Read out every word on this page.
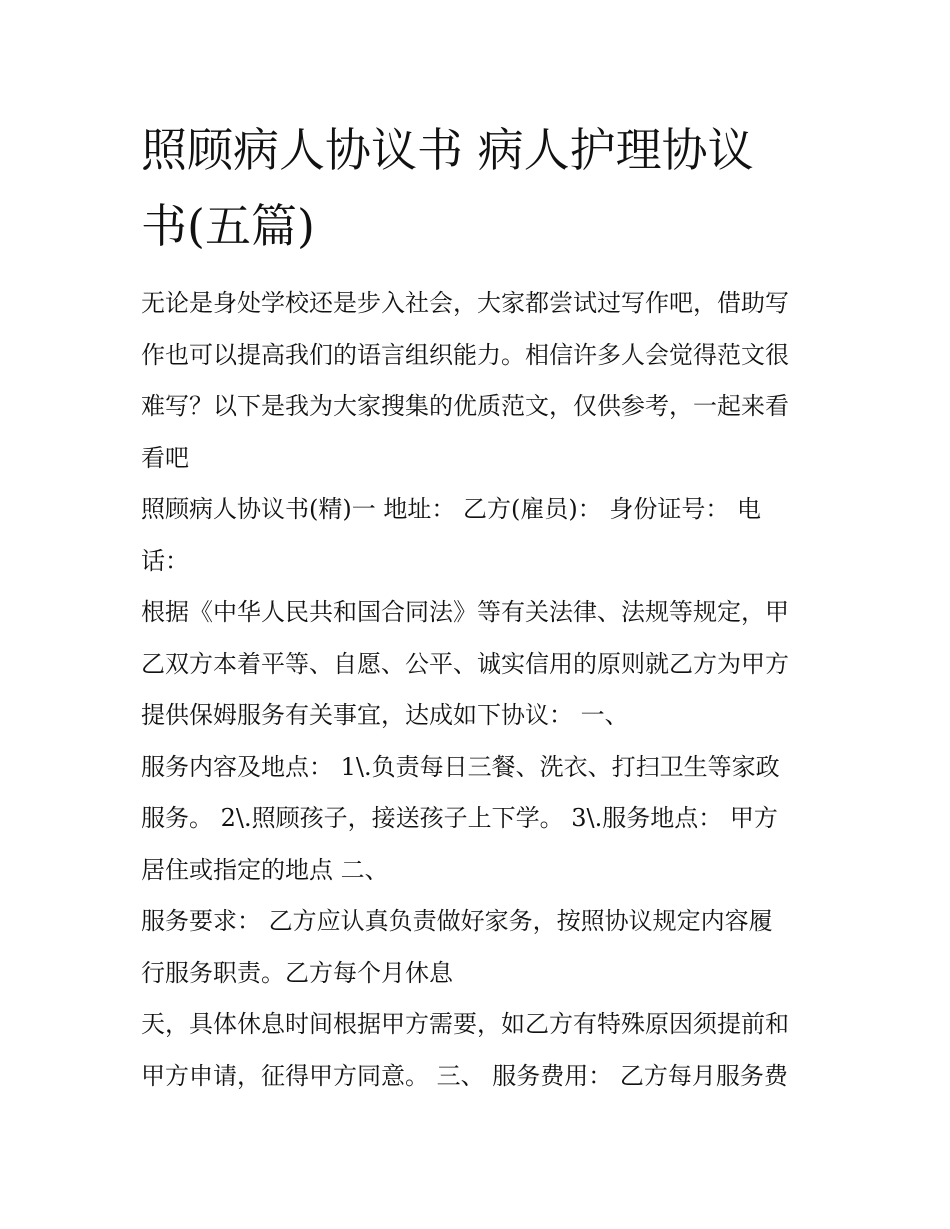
照顾病人协议书 病人护理协议
书(五篇)

无论是身处学校还是步入社会，大家都尝试过写作吧，借助写
作也可以提高我们的语言组织能力。相信许多人会觉得范文很
难写？以下是我为大家搜集的优质范文，仅供参考，一起来看
看吧

照顾病人协议书(精)一 地址： 乙方(雇员)： 身份证号： 电
话：

根据《中华人民共和国合同法》等有关法律、法规等规定，甲
乙双方本着平等、自愿、公平、诚实信用的原则就乙方为甲方
提供保姆服务有关事宜，达成如下协议： 一、

服务内容及地点： 1\.负责每日三餐、洗衣、打扫卫生等家政
服务。 2\.照顾孩子，接送孩子上下学。 3\.服务地点： 甲方
居住或指定的地点 二、

服务要求： 乙方应认真负责做好家务，按照协议规定内容履
行服务职责。乙方每个月休息

天，具体休息时间根据甲方需要，如乙方有特殊原因须提前和
甲方申请，征得甲方同意。 三、 服务费用： 乙方每月服务费
